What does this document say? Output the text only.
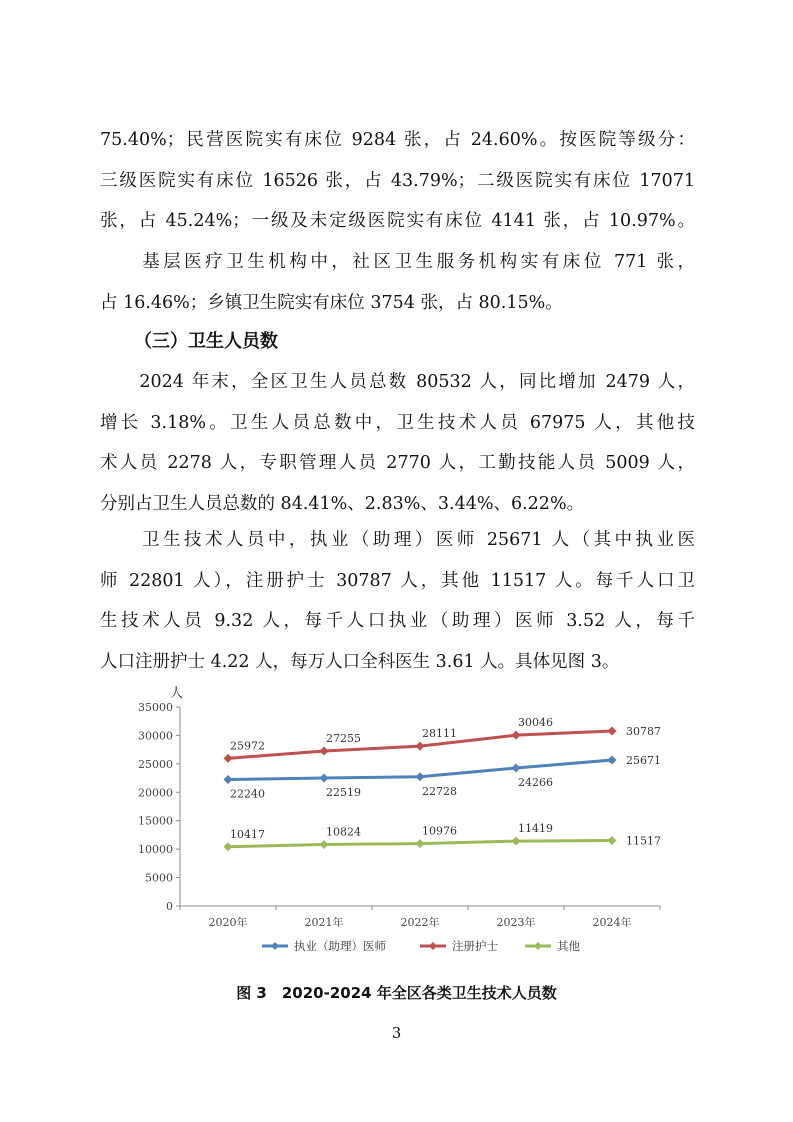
75.40%；民营医院实有床位 9284 张，占 24.60%。按医院等级分：
三级医院实有床位 16526 张，占 43.79%；二级医院实有床位 17071
张，占 45.24%；一级及未定级医院实有床位 4141 张，占 10.97%。
　　基层医疗卫生机构中，社区卫生服务机构实有床位 771 张，
占 16.46%；乡镇卫生院实有床位 3754 张，占 80.15%。

（三）卫生人员数

　　2024 年末，全区卫生人员总数 80532 人，同比增加 2479 人，
增长 3.18%。卫生人员总数中，卫生技术人员 67975 人，其他技
术人员 2278 人，专职管理人员 2770 人，工勤技能人员 5009 人，
分别占卫生人员总数的 84.41%、2.83%、3.44%、6.22%。
　　卫生技术人员中，执业（助理）医师 25671 人（其中执业医
师 22801 人），注册护士 30787 人，其他 11517 人。每千人口卫
生技术人员 9.32 人，每千人口执业（助理）医师 3.52 人，每千
人口注册护士 4.22 人，每万人口全科医生 3.61 人。具体见图 3。
人
0
5000
10000
15000
20000
25000
30000
35000
2020年	2021年	2022年	2023年	2024年
22240	22519	22728
24266
25671
25972
27255	28111
30046
30787
10417	10824	10976	11419
11517
执业（助理）医师	注册护士	其他

图 3　2020-2024 年全区各类卫生技术人员数

3
